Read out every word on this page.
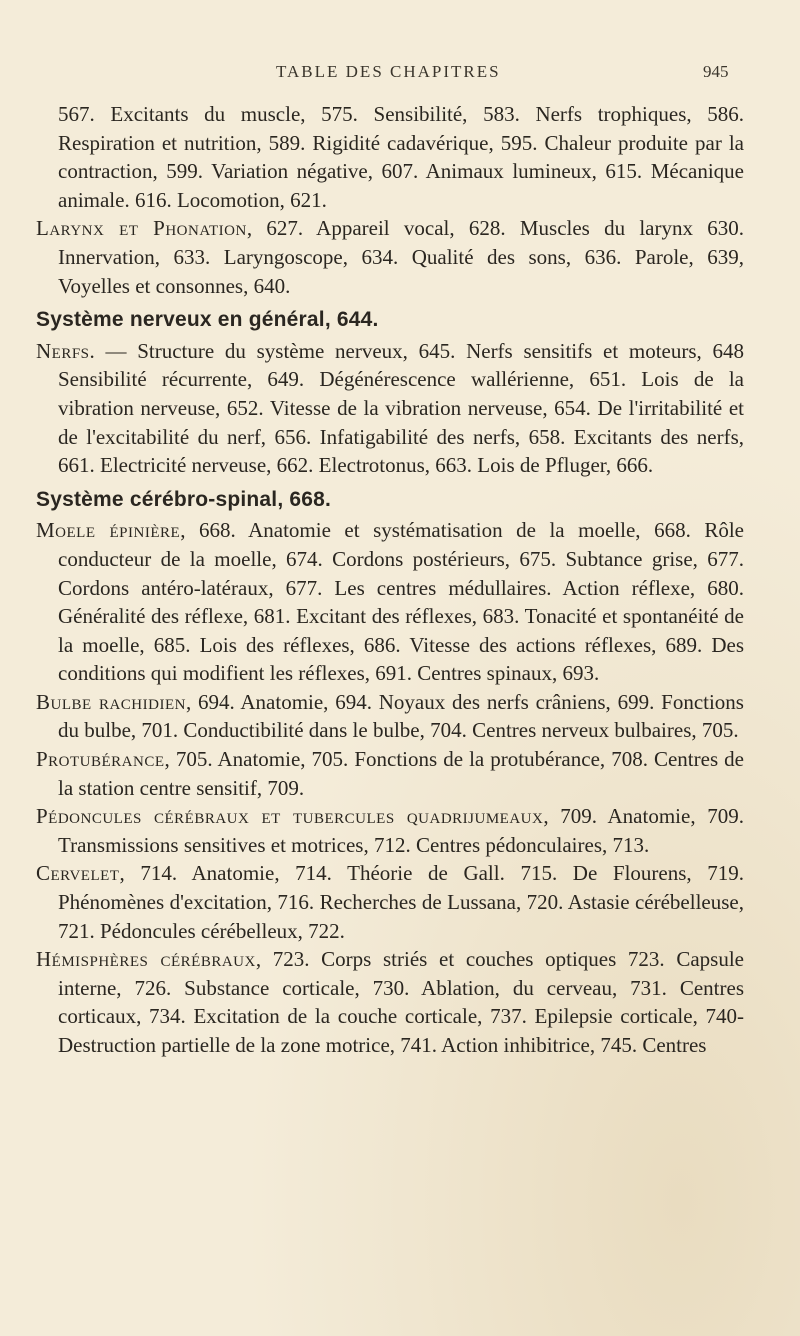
TABLE DES CHAPITRES	945

567. Excitants du muscle, 575. Sensibilité, 583. Nerfs trophiques, 586. Respiration et nutrition, 589. Rigidité cadavérique, 595. Chaleur produite par la contraction, 599. Variation négative, 607. Animaux lumineux, 615. Mécanique animale. 616. Locomotion, 621.

Larynx et Phonation, 627. Appareil vocal, 628. Muscles du larynx 630. Innervation, 633. Laryngoscope, 634. Qualité des sons, 636. Parole, 639, Voyelles et consonnes, 640.

Système nerveux en général, 644.

Nerfs. — Structure du système nerveux, 645. Nerfs sensitifs et moteurs, 648 Sensibilité récurrente, 649. Dégénérescence wallérienne, 651. Lois de la vibration nerveuse, 652. Vitesse de la vibration nerveuse, 654. De l'irritabilité et de l'excitabilité du nerf, 656. Infatigabilité des nerfs, 658. Excitants des nerfs, 661. Electricité nerveuse, 662. Electrotonus, 663. Lois de Pfluger, 666.

Système cérébro-spinal, 668.

Moele épinière, 668. Anatomie et systématisation de la moelle, 668. Rôle conducteur de la moelle, 674. Cordons postérieurs, 675. Subtance grise, 677. Cordons antéro-latéraux, 677. Les centres médullaires. Action réflexe, 680. Généralité des réflexe, 681. Excitant des réflexes, 683. Tonacité et spontanéité de la moelle, 685. Lois des réflexes, 686. Vitesse des actions réflexes, 689. Des conditions qui modifient les réflexes, 691. Centres spinaux, 693.

Bulbe rachidien, 694. Anatomie, 694. Noyaux des nerfs crâniens, 699. Fonctions du bulbe, 701. Conductibilité dans le bulbe, 704. Centres nerveux bulbaires, 705.

Protubérance, 705. Anatomie, 705. Fonctions de la protubérance, 708. Centres de la station centre sensitif, 709.

Pédoncules cérébraux et tubercules quadrijumeaux, 709. Anatomie, 709. Transmissions sensitives et motrices, 712. Centres pédonculaires, 713.

Cervelet, 714. Anatomie, 714. Théorie de Gall. 715. De Flourens, 719. Phénomènes d'excitation, 716. Recherches de Lussana, 720. Astasie cérébelleuse, 721. Pédoncules cérébelleux, 722.

Hémisphères cérébraux, 723. Corps striés et couches optiques 723. Capsule interne, 726. Substance corticale, 730. Ablation, du cerveau, 731. Centres corticaux, 734. Excitation de la couche corticale, 737. Epilepsie corticale, 740- Destruction partielle de la zone motrice, 741. Action inhibitrice, 745. Centres
